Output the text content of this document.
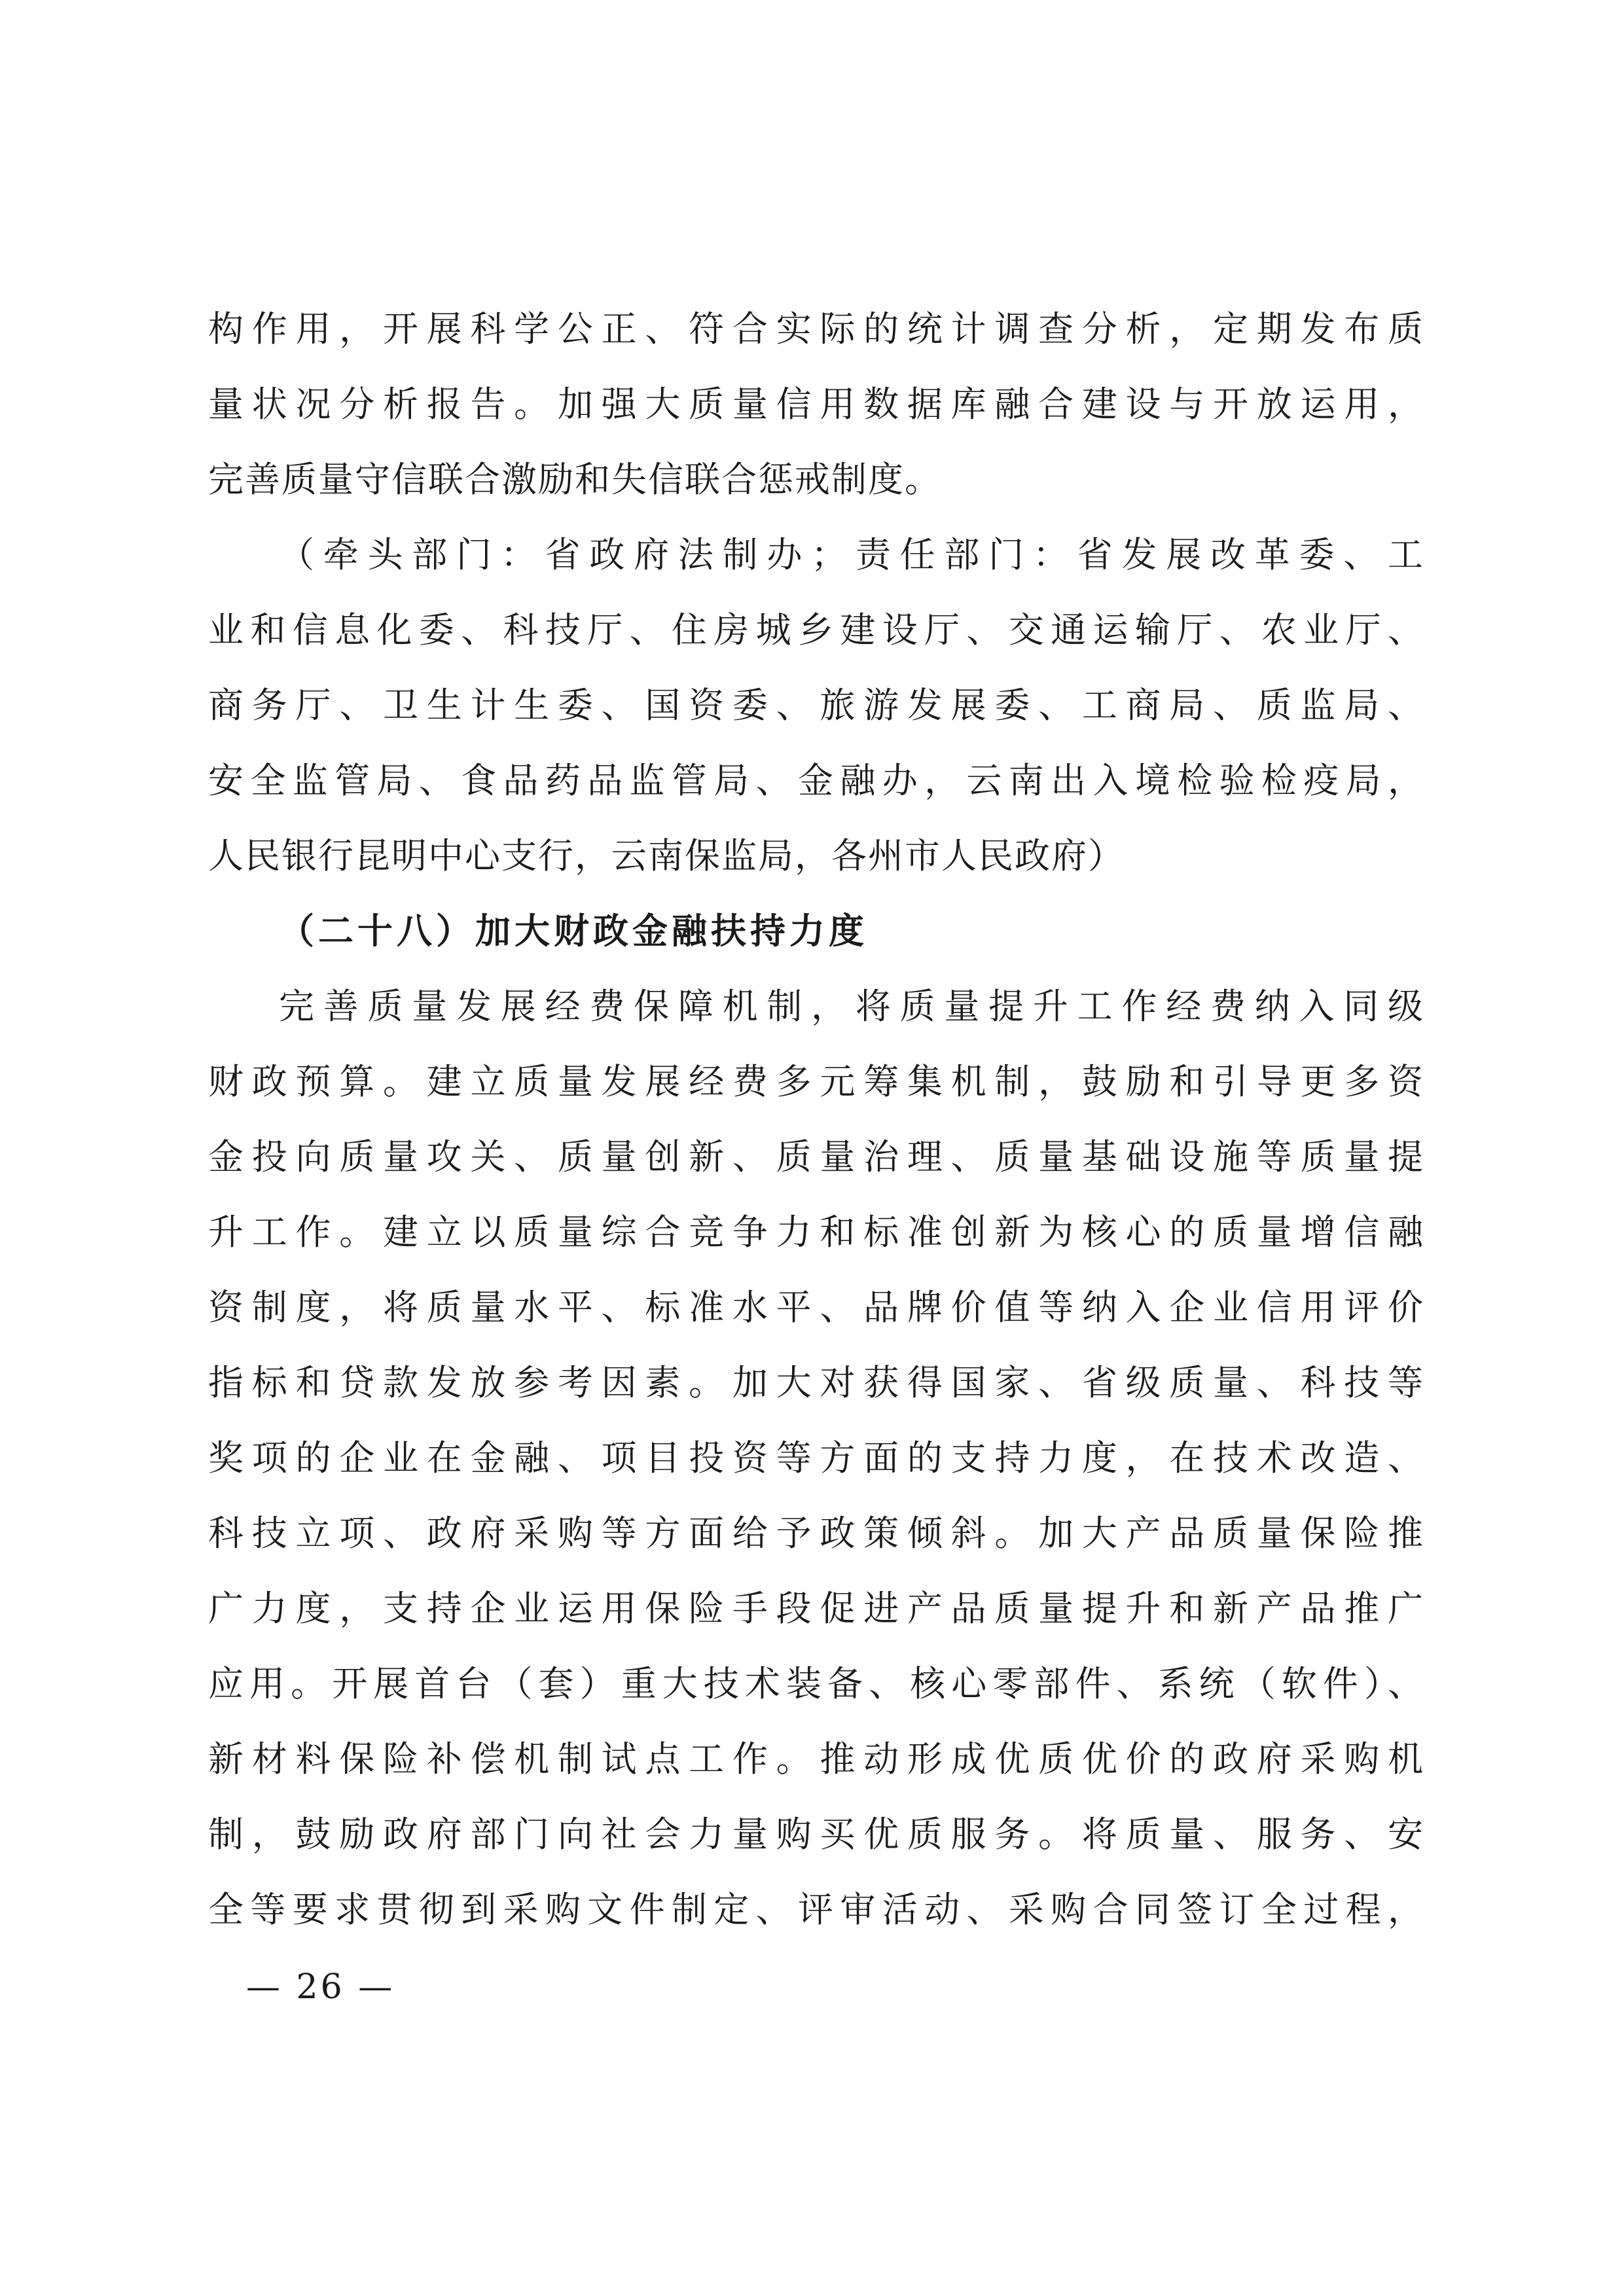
构作用，开展科学公正、符合实际的统计调查分析，定期发布质
量状况分析报告。加强大质量信用数据库融合建设与开放运用，
完善质量守信联合激励和失信联合惩戒制度。
（牵头部门：省政府法制办；责任部门：省发展改革委、工
业和信息化委、科技厅、住房城乡建设厅、交通运输厅、农业厅、
商务厅、卫生计生委、国资委、旅游发展委、工商局、质监局、
安全监管局、食品药品监管局、金融办，云南出入境检验检疫局，
人民银行昆明中心支行，云南保监局，各州市人民政府）
（二十八）加大财政金融扶持力度
完善质量发展经费保障机制，将质量提升工作经费纳入同级
财政预算。建立质量发展经费多元筹集机制，鼓励和引导更多资
金投向质量攻关、质量创新、质量治理、质量基础设施等质量提
升工作。建立以质量综合竞争力和标准创新为核心的质量增信融
资制度，将质量水平、标准水平、品牌价值等纳入企业信用评价
指标和贷款发放参考因素。加大对获得国家、省级质量、科技等
奖项的企业在金融、项目投资等方面的支持力度，在技术改造、
科技立项、政府采购等方面给予政策倾斜。加大产品质量保险推
广力度，支持企业运用保险手段促进产品质量提升和新产品推广
应用。开展首台（套）重大技术装备、核心零部件、系统（软件）、
新材料保险补偿机制试点工作。推动形成优质优价的政府采购机
制，鼓励政府部门向社会力量购买优质服务。将质量、服务、安
全等要求贯彻到采购文件制定、评审活动、采购合同签订全过程，
— 26 —
